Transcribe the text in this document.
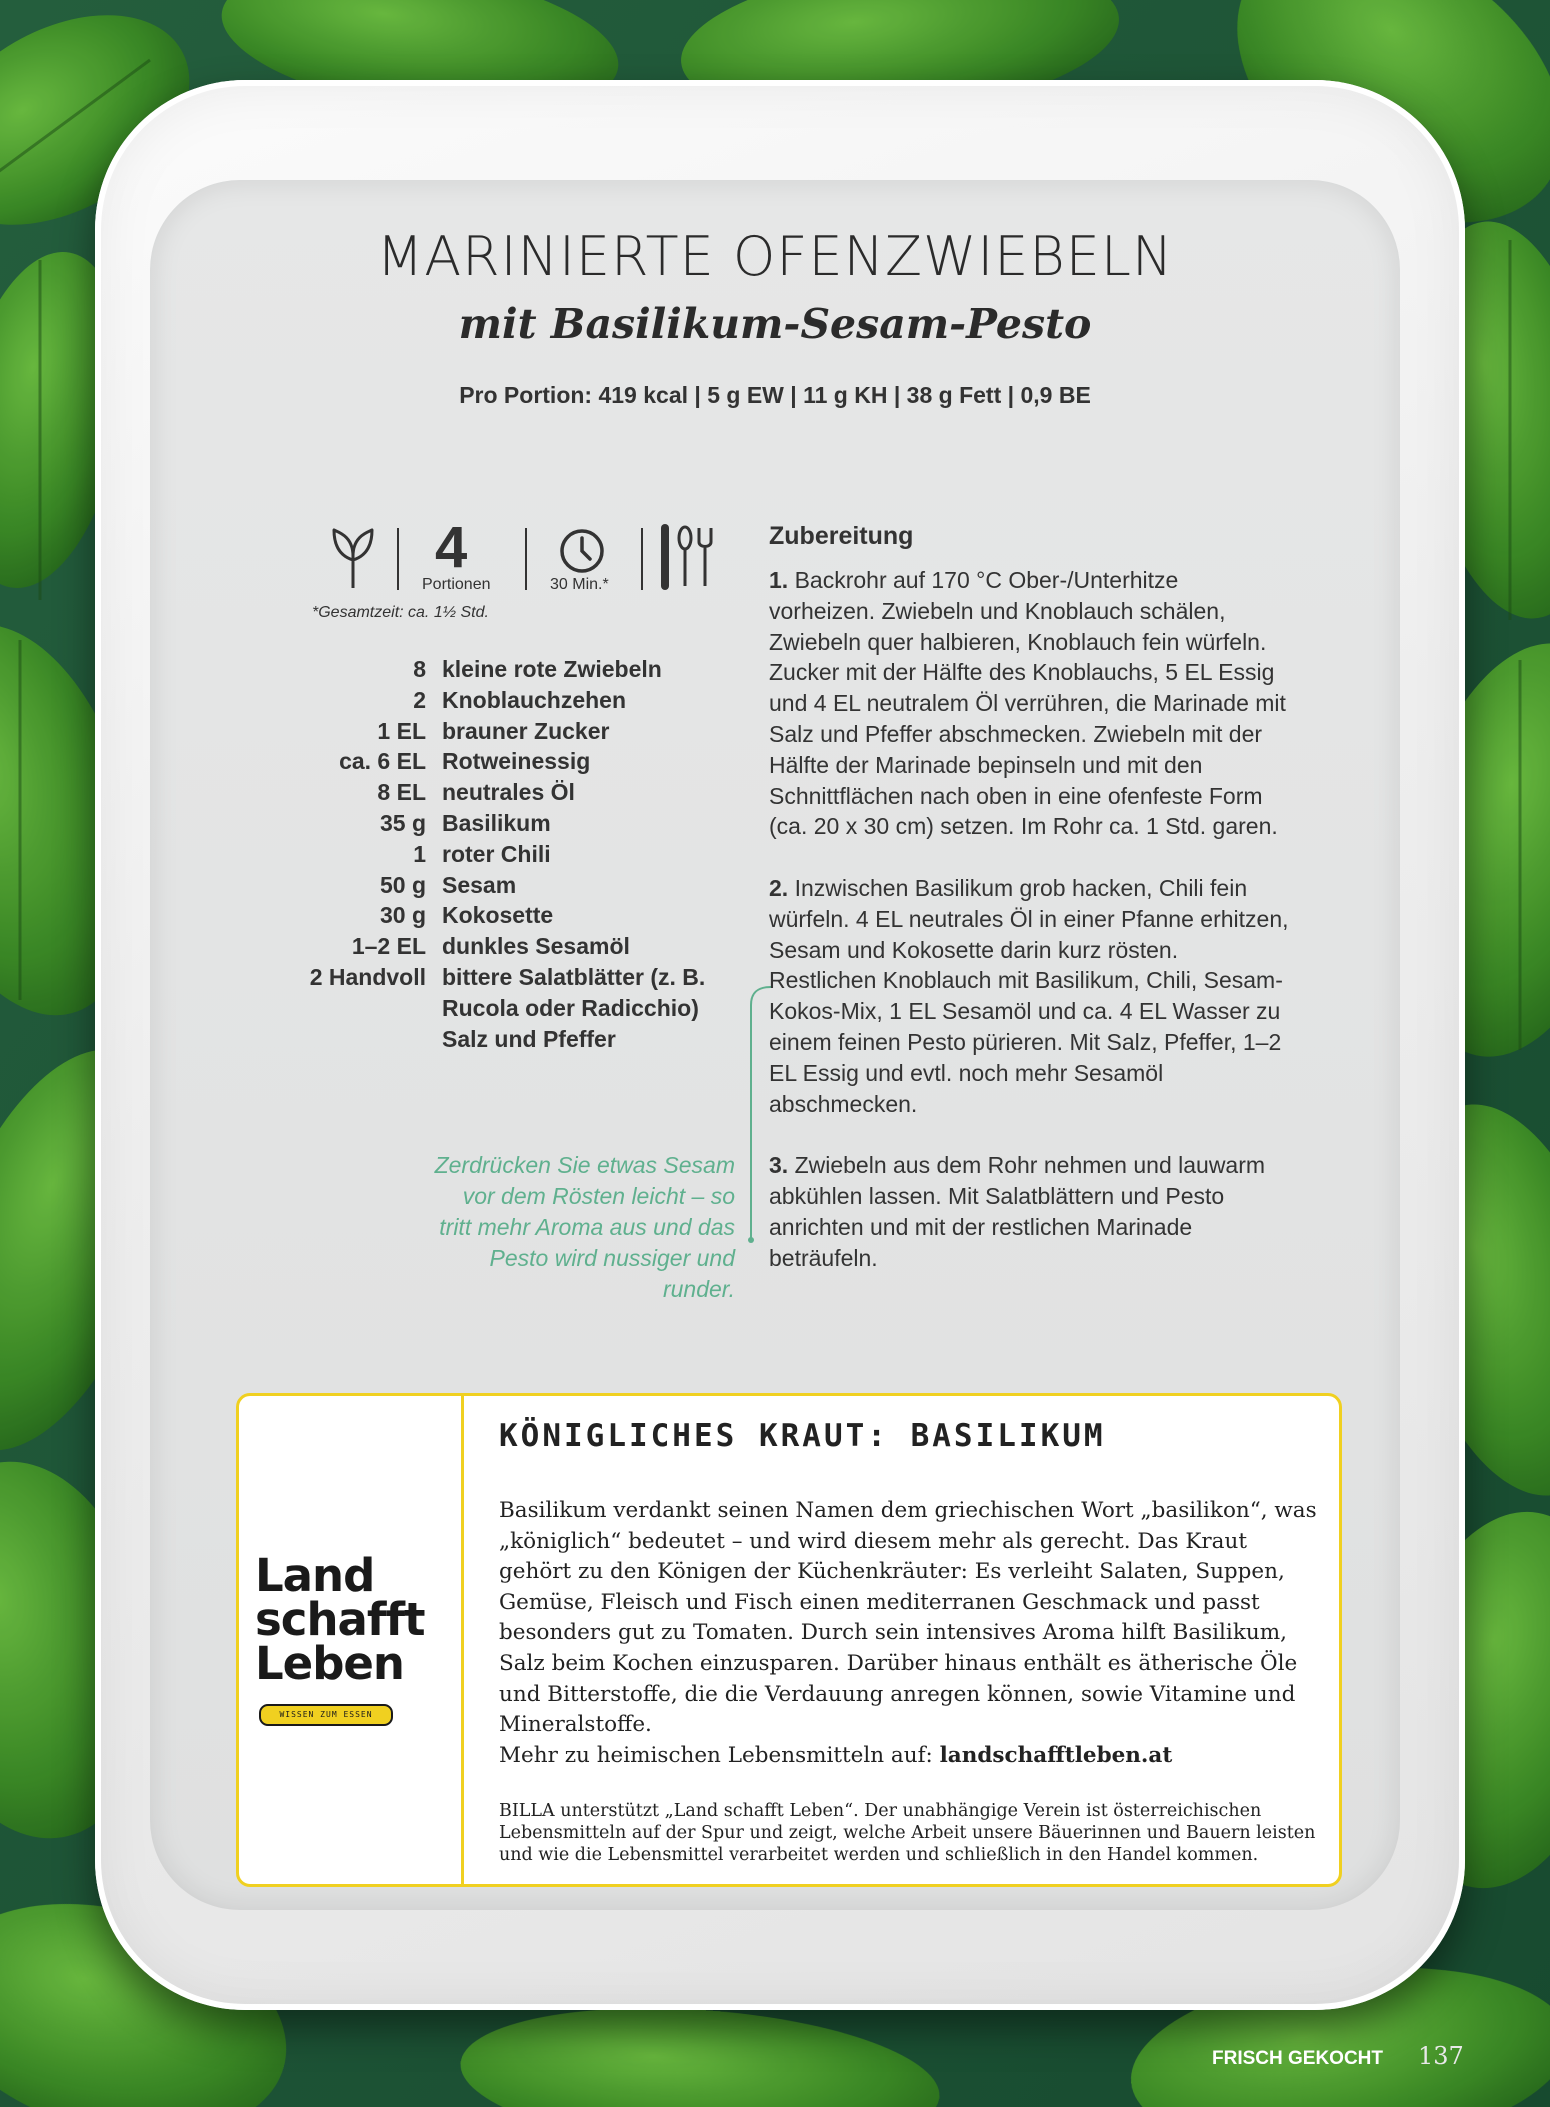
MARINIERTE OFENZWIEBELN
mit Basilikum-Sesam-Pesto
Pro Portion: 419 kcal | 5 g EW | 11 g KH | 38 g Fett | 0,9 BE
4
Portionen	30 Min.*
*Gesamtzeit: ca. 1½ Std.
8 kleine rote Zwiebeln
2 Knoblauchzehen
1 EL brauner Zucker
ca. 6 EL Rotweinessig
8 EL neutrales Öl
35 g Basilikum
1 roter Chili
50 g Sesam
30 g Kokosette
1–2 EL dunkles Sesamöl
2 Handvoll bittere Salatblätter (z. B.
Rucola oder Radicchio)
Salz und Pfeffer
Zerdrücken Sie etwas Sesam vor dem Rösten leicht – so tritt mehr Aroma aus und das Pesto wird nussiger und runder.
Zubereitung
1. Backrohr auf 170 °C Ober-/Unterhitze vorheizen. Zwiebeln und Knoblauch schälen, Zwiebeln quer halbieren, Knoblauch fein würfeln. Zucker mit der Hälfte des Knoblauchs, 5 EL Essig und 4 EL neutralem Öl verrühren, die Marinade mit Salz und Pfeffer abschmecken. Zwiebeln mit der Hälfte der Marinade bepinseln und mit den Schnittflächen nach oben in eine ofenfeste Form (ca. 20 x 30 cm) setzen. Im Rohr ca. 1 Std. garen.
2. Inzwischen Basilikum grob hacken, Chili fein würfeln. 4 EL neutrales Öl in einer Pfanne erhitzen, Sesam und Kokosette darin kurz rösten. Restlichen Knoblauch mit Basilikum, Chili, Sesam-Kokos-Mix, 1 EL Sesamöl und ca. 4 EL Wasser zu einem feinen Pesto pürieren. Mit Salz, Pfeffer, 1–2 EL Essig und evtl. noch mehr Sesamöl abschmecken.
3. Zwiebeln aus dem Rohr nehmen und lauwarm abkühlen lassen. Mit Salatblättern und Pesto anrichten und mit der restlichen Marinade beträufeln.
Land
schafft
Leben
WISSEN ZUM ESSEN
KÖNIGLICHES KRAUT: BASILIKUM
Basilikum verdankt seinen Namen dem griechischen Wort „basilikon“, was „königlich“ bedeutet – und wird diesem mehr als gerecht. Das Kraut gehört zu den Königen der Küchenkräuter: Es verleiht Salaten, Suppen, Gemüse, Fleisch und Fisch einen mediterranen Geschmack und passt besonders gut zu Tomaten. Durch sein intensives Aroma hilft Basilikum, Salz beim Kochen einzusparen. Darüber hinaus enthält es ätherische Öle und Bitterstoffe, die die Verdauung anregen können, sowie Vitamine und Mineralstoffe.
Mehr zu heimischen Lebensmitteln auf: landschafftleben.at
BILLA unterstützt „Land schafft Leben“. Der unabhängige Verein ist österreichischen Lebensmitteln auf der Spur und zeigt, welche Arbeit unsere Bäuerinnen und Bauern leisten und wie die Lebensmittel verarbeitet werden und schließlich in den Handel kommen.
FRISCH GEKOCHT 137
